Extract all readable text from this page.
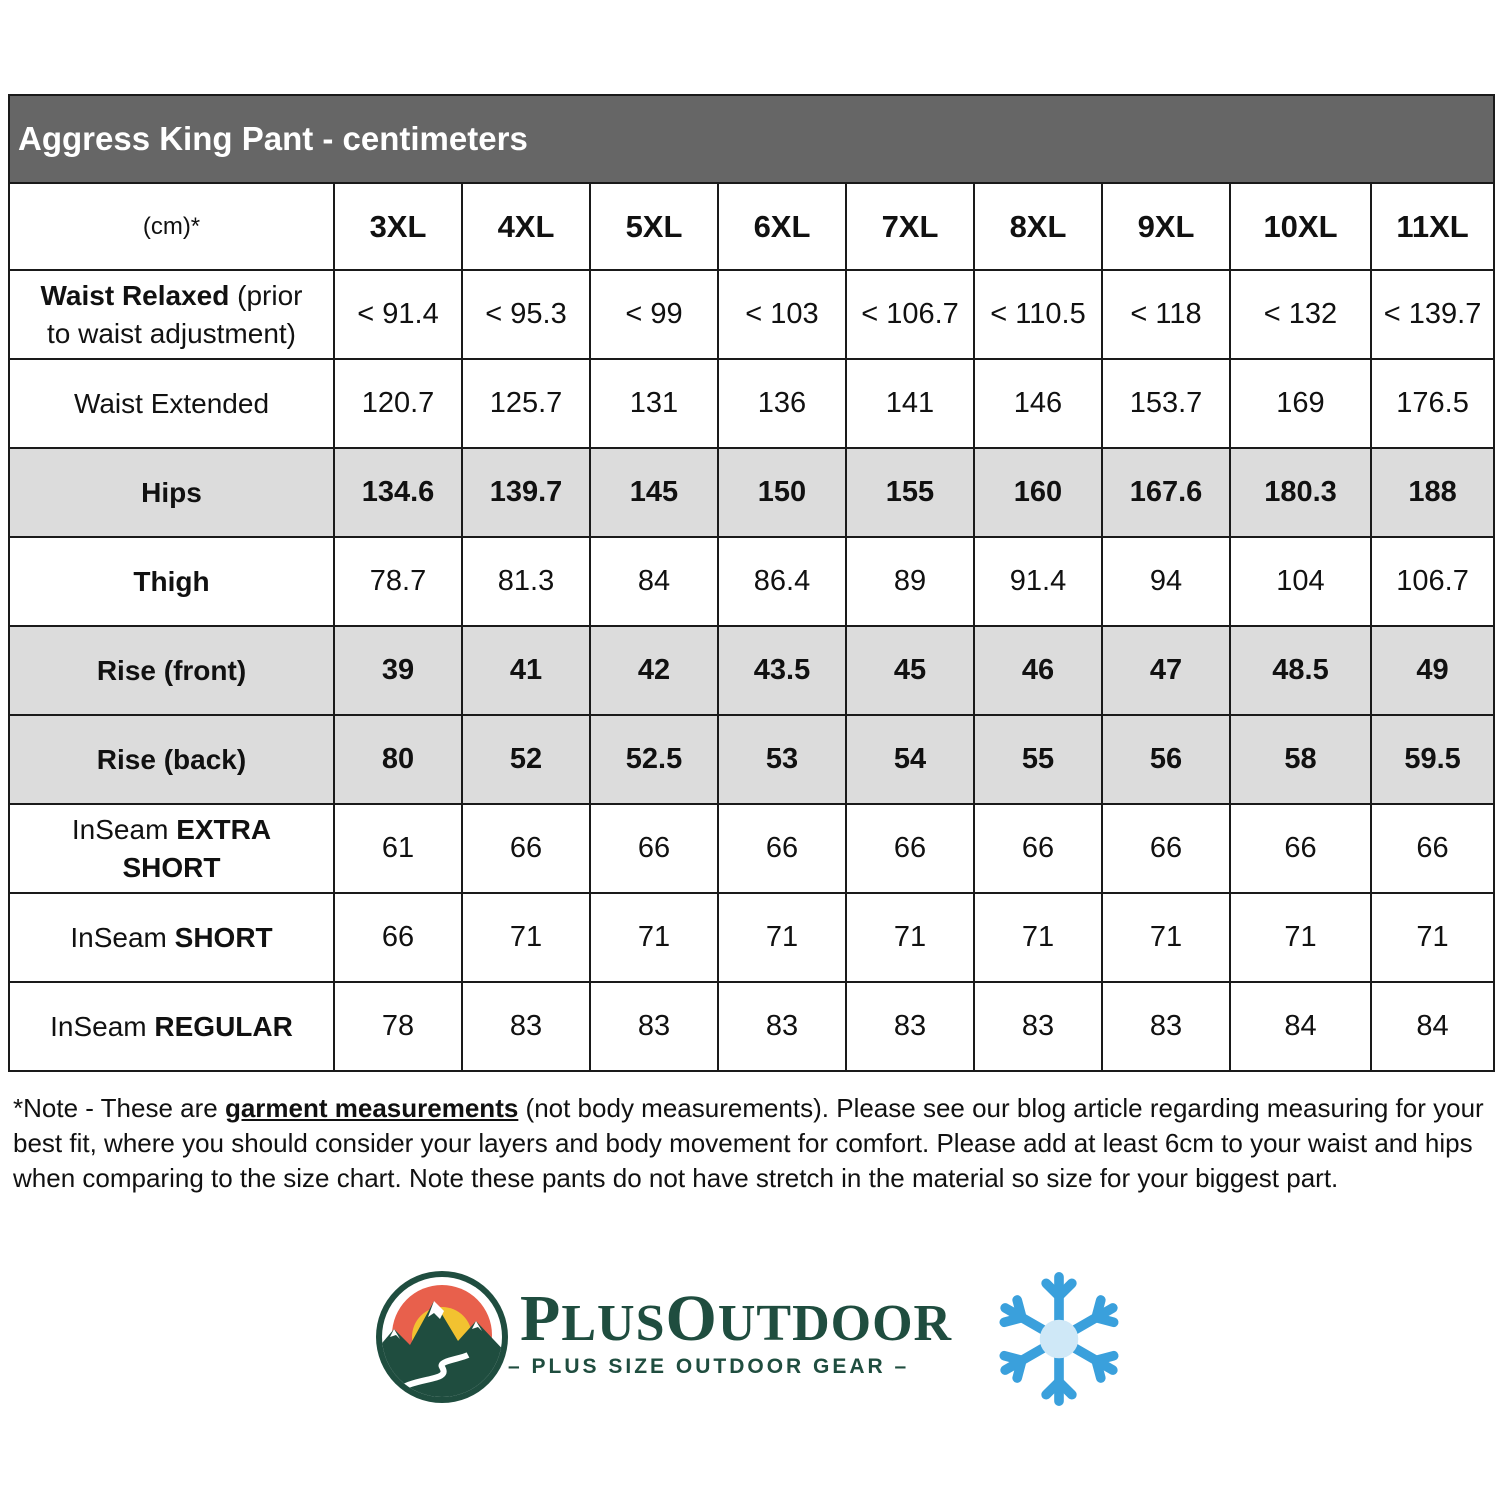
Aggress King Pant - centimeters									
(cm)*	3XL	4XL	5XL	6XL	7XL	8XL	9XL	10XL	11XL
Waist Relaxed (prior
to waist adjustment)	< 91.4	< 95.3	< 99	< 103	< 106.7	< 110.5	< 118	< 132	< 139.7
Waist Extended	120.7	125.7	131	136	141	146	153.7	169	176.5
Hips	134.6	139.7	145	150	155	160	167.6	180.3	188
Thigh	78.7	81.3	84	86.4	89	91.4	94	104	106.7
Rise (front)	39	41	42	43.5	45	46	47	48.5	49
Rise (back)	80	52	52.5	53	54	55	56	58	59.5
InSeam EXTRA
SHORT	61	66	66	66	66	66	66	66	66
InSeam SHORT	66	71	71	71	71	71	71	71	71
InSeam REGULAR	78	83	83	83	83	83	83	84	84
*Note - These are garment measurements (not body measurements). Please see our blog article regarding measuring for your best fit, where you should consider your layers and body movement for comfort. Please add at least 6cm to your waist and hips when comparing to the size chart. Note these pants do not have stretch in the material so size for your biggest part.
PLUSOUTDOOR
– PLUS SIZE OUTDOOR GEAR –
